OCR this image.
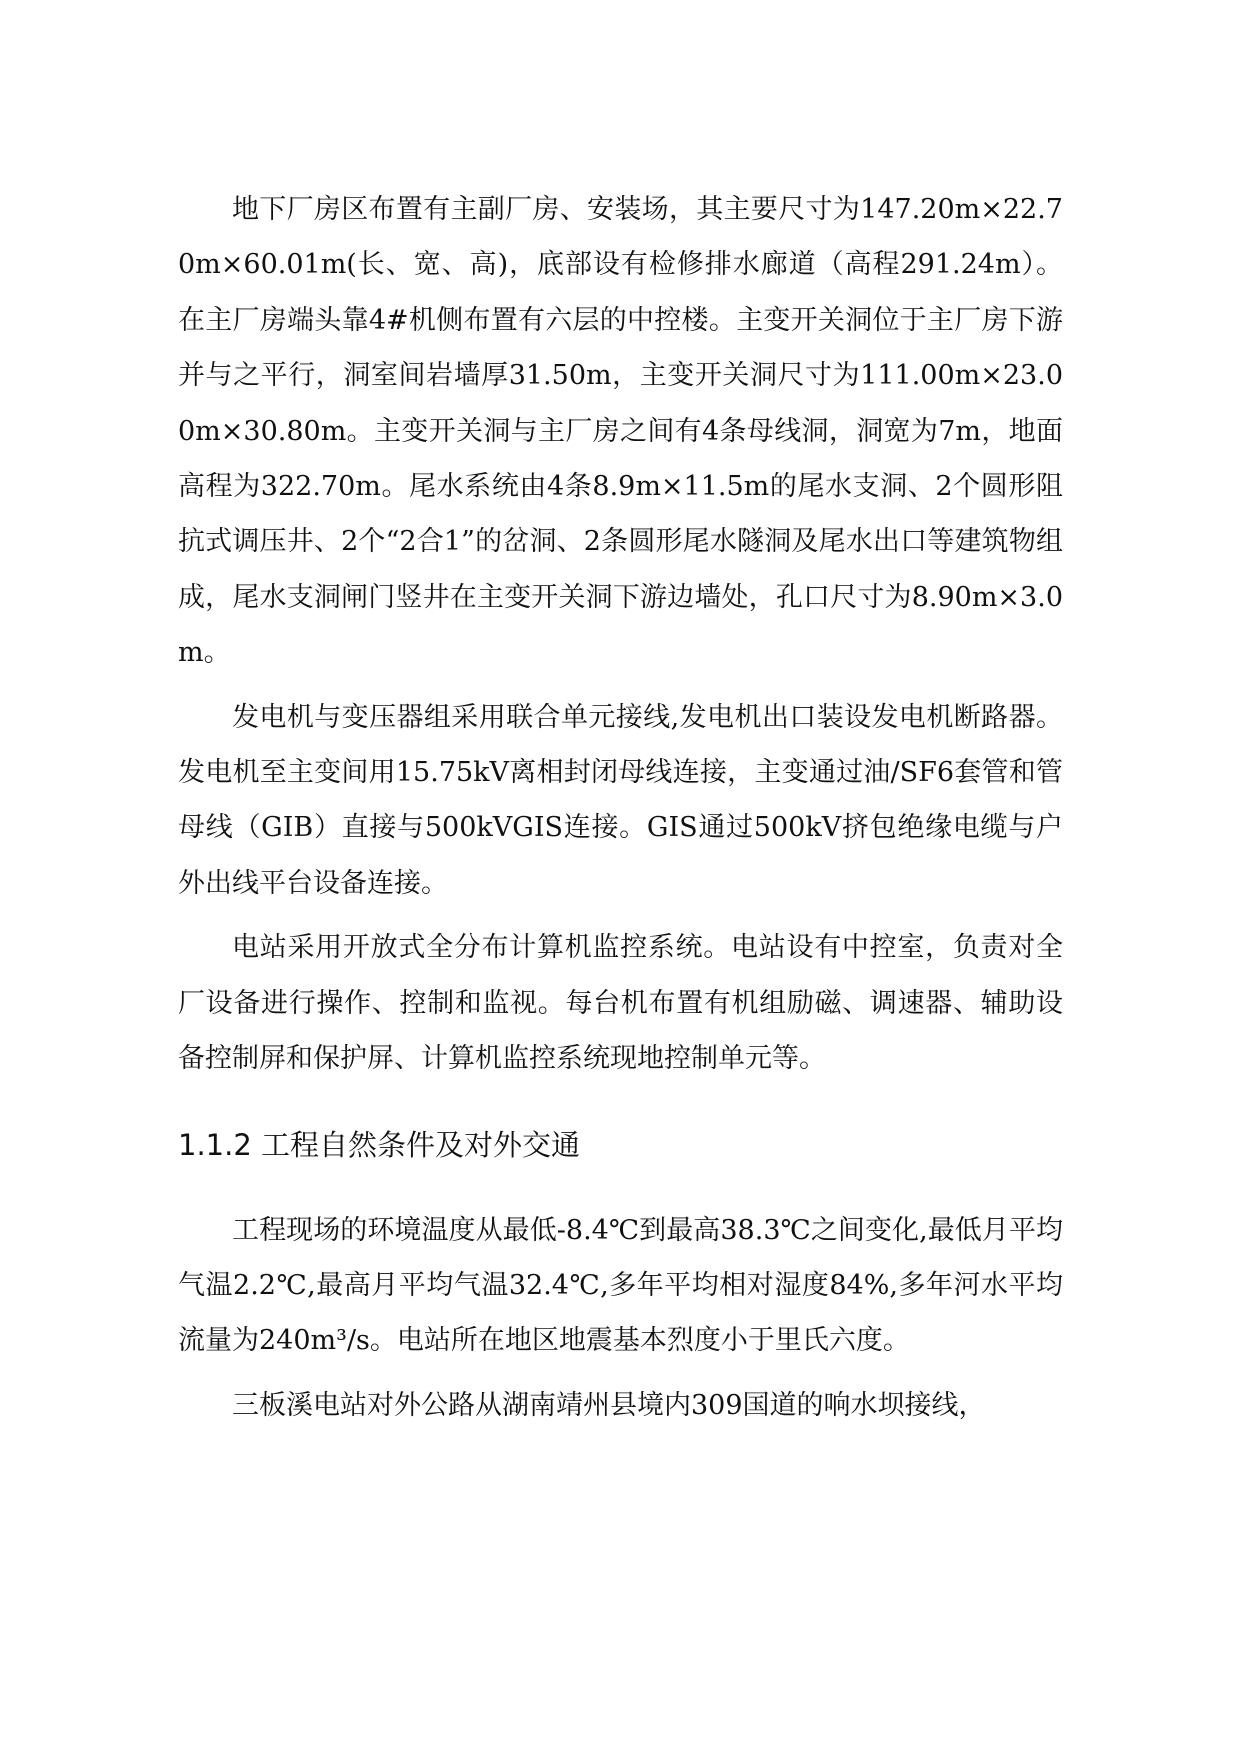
地下厂房区布置有主副厂房、安装场，其主要尺寸为147.20m×22.70m×60.01m(长、宽、高)，底部设有检修排水廊道（高程291.24m）。在主厂房端头靠4#机侧布置有六层的中控楼。主变开关洞位于主厂房下游并与之平行，洞室间岩墙厚31.50m，主变开关洞尺寸为111.00m×23.00m×30.80m。主变开关洞与主厂房之间有4条母线洞，洞宽为7m，地面高程为322.70m。尾水系统由4条8.9m×11.5m的尾水支洞、2个圆形阻抗式调压井、2个“2合1”的岔洞、2条圆形尾水隧洞及尾水出口等建筑物组成，尾水支洞闸门竖井在主变开关洞下游边墙处，孔口尺寸为8.90m×3.0m。

发电机与变压器组采用联合单元接线,发电机出口装设发电机断路器。发电机至主变间用15.75kV离相封闭母线连接，主变通过油/SF6套管和管母线（GIB）直接与500kVGIS连接。GIS通过500kV挤包绝缘电缆与户外出线平台设备连接。

电站采用开放式全分布计算机监控系统。电站设有中控室，负责对全厂设备进行操作、控制和监视。每台机布置有机组励磁、调速器、辅助设备控制屏和保护屏、计算机监控系统现地控制单元等。

1.1.2 工程自然条件及对外交通

工程现场的环境温度从最低-8.4℃到最高38.3℃之间变化,最低月平均气温2.2℃,最高月平均气温32.4℃,多年平均相对湿度84%,多年河水平均流量为240m³/s。电站所在地区地震基本烈度小于里氏六度。

三板溪电站对外公路从湖南靖州县境内309国道的响水坝接线，
